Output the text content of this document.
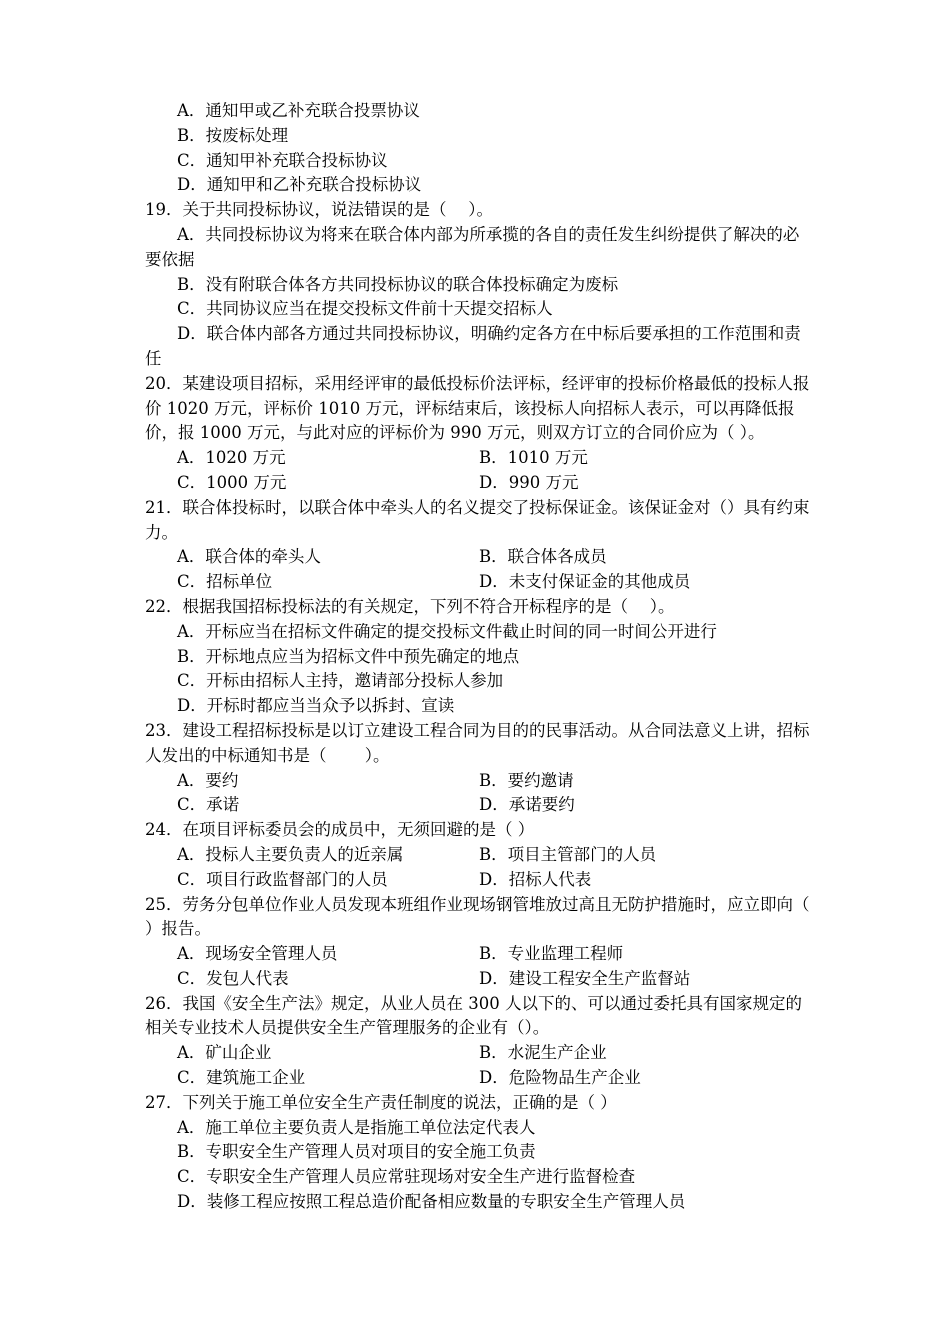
A．通知甲或乙补充联合投票协议

B．按废标处理

C．通知甲补充联合投标协议

D．通知甲和乙补充联合投标协议

19．关于共同投标协议，说法错误的是（　 ）。

A．共同投标协议为将来在联合体内部为所承揽的各自的责任发生纠纷提供了解决的必要依据

B．没有附联合体各方共同投标协议的联合体投标确定为废标

C．共同协议应当在提交投标文件前十天提交招标人

D．联合体内部各方通过共同投标协议，明确约定各方在中标后要承担的工作范围和责任

20．某建设项目招标，采用经评审的最低投标价法评标，经评审的投标价格最低的投标人报价 1020 万元，评标价 1010 万元，评标结束后，该投标人向招标人表示，可以再降低报价，报 1000 万元，与此对应的评标价为 990 万元，则双方订立的合同价应为（ ）。

A．1020 万元	B．1010 万元
C．1000 万元	D．990 万元

21．联合体投标时，以联合体中牵头人的名义提交了投标保证金。该保证金对（）具有约束力。

A．联合体的牵头人	B．联合体各成员
C．招标单位	D．未支付保证金的其他成员

22．根据我国招标投标法的有关规定，下列不符合开标程序的是（　 ）。

A．开标应当在招标文件确定的提交投标文件截止时间的同一时间公开进行

B．开标地点应当为招标文件中预先确定的地点

C．开标由招标人主持，邀请部分投标人参加

D．开标时都应当当众予以拆封、宣读

23．建设工程招标投标是以订立建设工程合同为目的的民事活动。从合同法意义上讲，招标人发出的中标通知书是（　　 ）。

A．要约	B．要约邀请
C．承诺	D．承诺要约

24．在项目评标委员会的成员中，无须回避的是（ ）

A．投标人主要负责人的近亲属	B．项目主管部门的人员
C．项目行政监督部门的人员	D．招标人代表

25．劳务分包单位作业人员发现本班组作业现场钢管堆放过高且无防护措施时，应立即向（ ）报告。

A．现场安全管理人员	B．专业监理工程师
C．发包人代表	D．建设工程安全生产监督站

26．我国《安全生产法》规定，从业人员在 300 人以下的、可以通过委托具有国家规定的相关专业技术人员提供安全生产管理服务的企业有（）。

A．矿山企业	B．水泥生产企业
C．建筑施工企业	D．危险物品生产企业

27．下列关于施工单位安全生产责任制度的说法，正确的是（ ）

A．施工单位主要负责人是指施工单位法定代表人

B．专职安全生产管理人员对项目的安全施工负责

C．专职安全生产管理人员应常驻现场对安全生产进行监督检查

D．装修工程应按照工程总造价配备相应数量的专职安全生产管理人员
